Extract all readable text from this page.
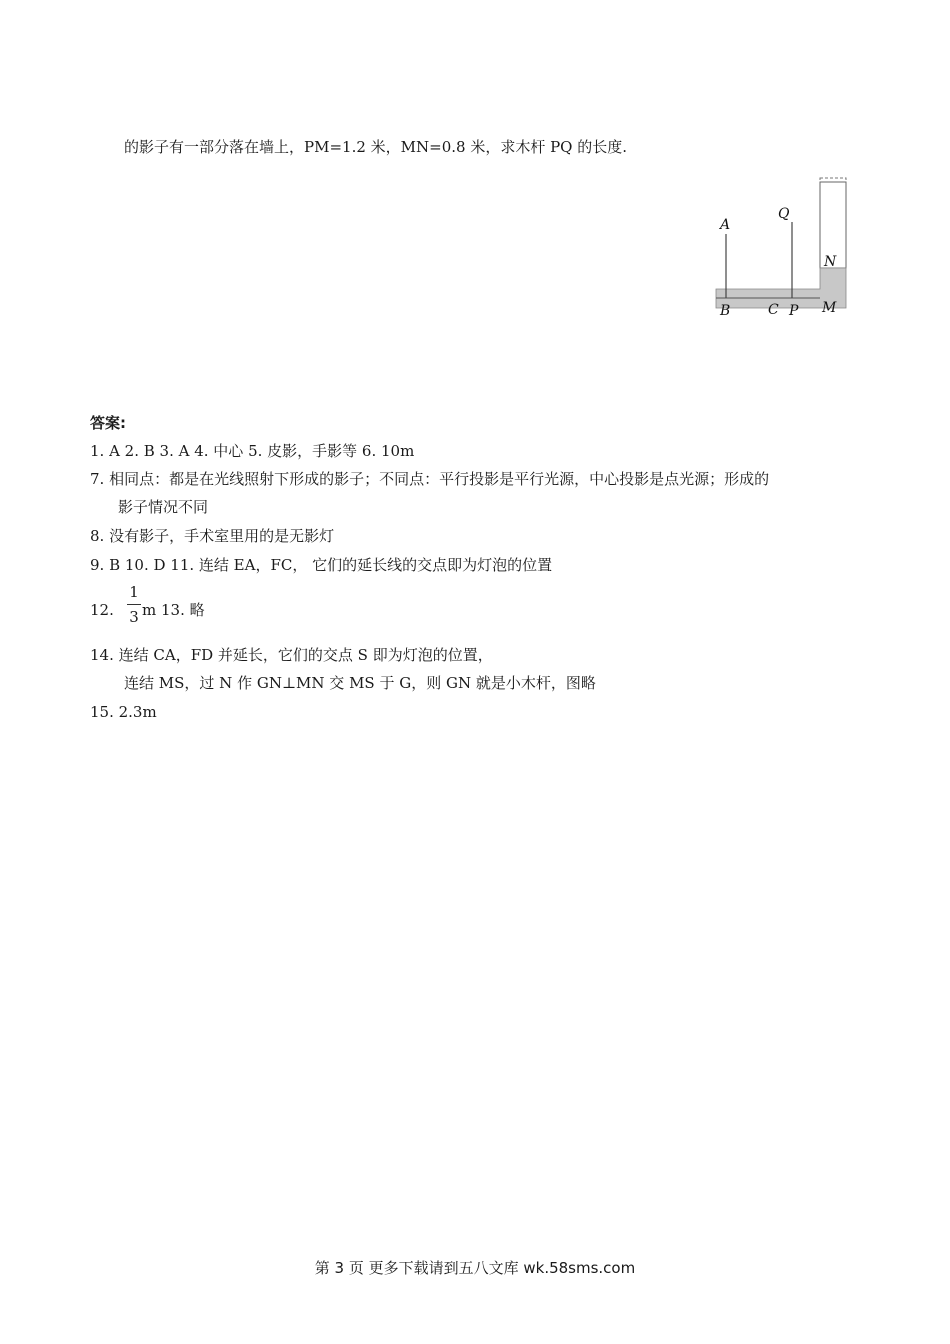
的影子有一部分落在墙上，PM=1.2 米，MN=0.8 米，求木杆 PQ 的长度.
A
Q
N
B	C P M
答案:
1. A 2. B 3. A 4. 中心 5. 皮影，手影等 6. 10m
7. 相同点：都是在光线照射下形成的影子；不同点：平行投影是平行光源，中心投影是点光源；形成的
影子情况不同
8. 没有影子，手术室里用的是无影灯
9. B 10. D 11. 连结 EA，FC， 它们的延长线的交点即为灯泡的位置
12.
1
3 m 13. 略
14. 连结 CA，FD 并延长，它们的交点 S 即为灯泡的位置，
连结 MS，过 N 作 GN⊥MN 交 MS 于 G，则 GN 就是小木杆，图略
15. 2.3m
第 3 页 更多下载请到五八文库 wk.58sms.com
